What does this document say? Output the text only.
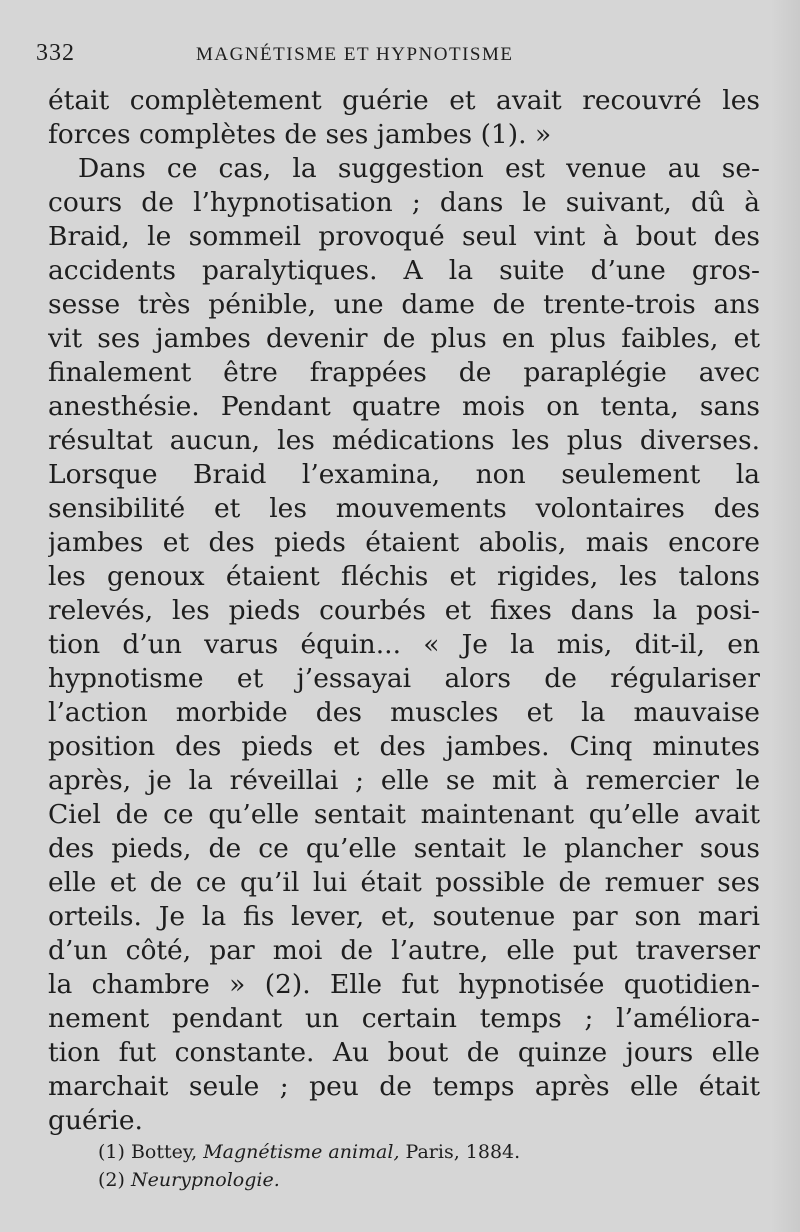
332	MAGNÉTISME ET HYPNOTISME
était complètement guérie et avait recouvré les
forces complètes de ses jambes (1). »
Dans ce cas, la suggestion est venue au se-
cours de l’hypnotisation ; dans le suivant, dû à
Braid, le sommeil provoqué seul vint à bout des
accidents paralytiques. A la suite d’une gros-
sesse très pénible, une dame de trente-trois ans
vit ses jambes devenir de plus en plus faibles, et
finalement être frappées de paraplégie avec
anesthésie. Pendant quatre mois on tenta, sans
résultat aucun, les médications les plus diverses.
Lorsque Braid l’examina, non seulement la
sensibilité et les mouvements volontaires des
jambes et des pieds étaient abolis, mais encore
les genoux étaient fléchis et rigides, les talons
relevés, les pieds courbés et fixes dans la posi-
tion d’un varus équin... « Je la mis, dit-il, en
hypnotisme et j’essayai alors de régulariser
l’action morbide des muscles et la mauvaise
position des pieds et des jambes. Cinq minutes
après, je la réveillai ; elle se mit à remercier le
Ciel de ce qu’elle sentait maintenant qu’elle avait
des pieds, de ce qu’elle sentait le plancher sous
elle et de ce qu’il lui était possible de remuer ses
orteils. Je la fis lever, et, soutenue par son mari
d’un côté, par moi de l’autre, elle put traverser
la chambre » (2). Elle fut hypnotisée quotidien-
nement pendant un certain temps ; l’améliora-
tion fut constante. Au bout de quinze jours elle
marchait seule ; peu de temps après elle était
guérie.
(1) Bottey, Magnétisme animal, Paris, 1884.
(2) Neurypnologie.
